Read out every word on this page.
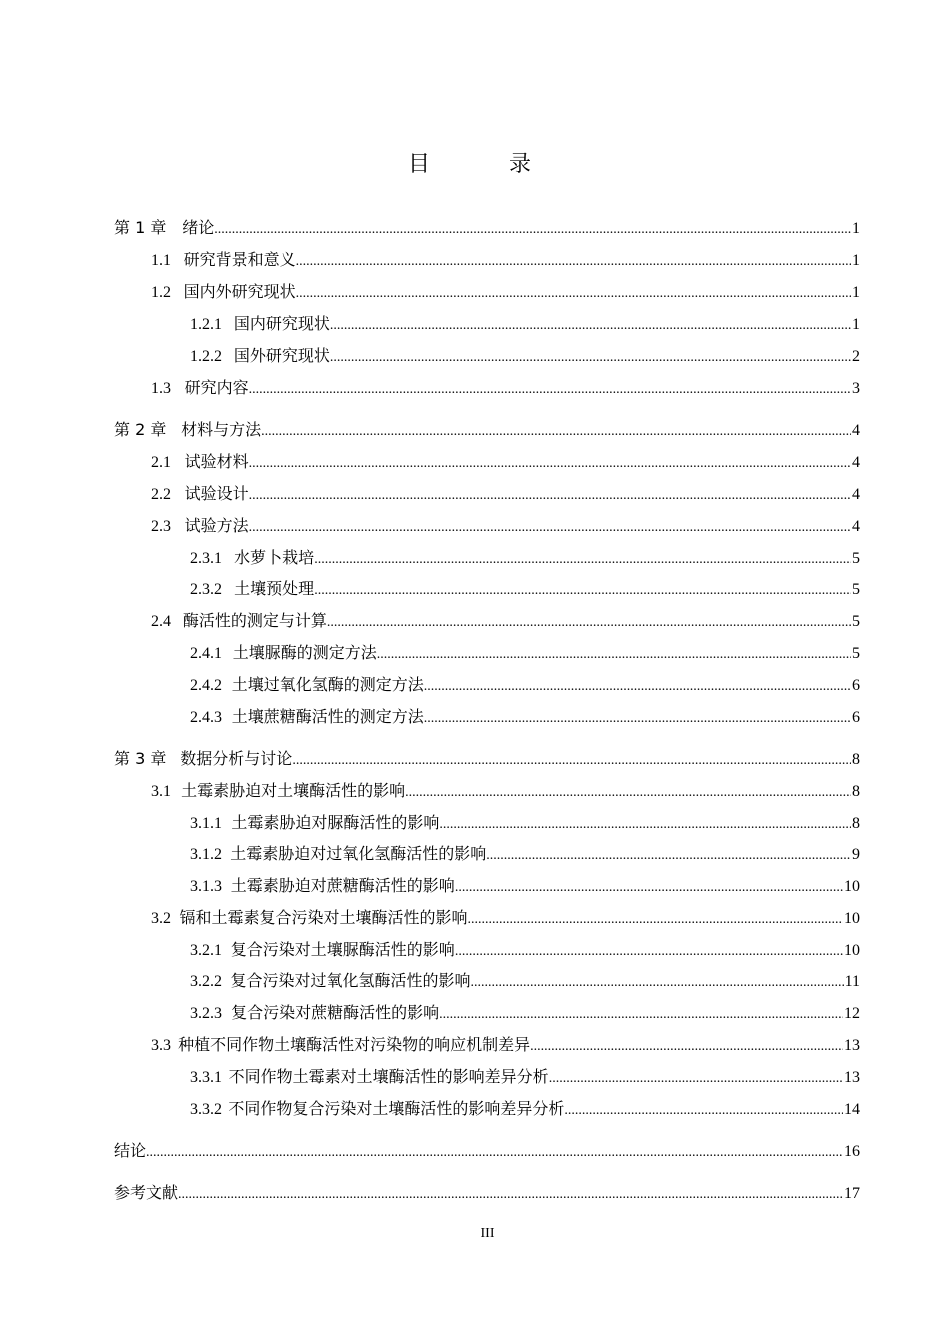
目 录
第 1 章 绪论 .....	1
1.1 研究背景和意义 .....	1
1.2 国内外研究现状 .....	1
1.2.1 国内研究现状 .....	1
1.2.2 国外研究现状 .....	2
1.3 研究内容 .....	3
第 2 章 材料与方法 .....	4
2.1 试验材料 .....	4
2.2 试验设计 .....	4
2.3 试验方法 .....	4
2.3.1 水萝卜栽培 .....	5
2.3.2 土壤预处理 .....	5
2.4 酶活性的测定与计算 .....	5
2.4.1 土壤脲酶的测定方法 .....	5
2.4.2 土壤过氧化氢酶的测定方法 .....	6
2.4.3 土壤蔗糖酶活性的测定方法 .....	6
第 3 章 数据分析与讨论 .....	8
3.1 土霉素胁迫对土壤酶活性的影响 .....	8
3.1.1 土霉素胁迫对脲酶活性的影响 .....	8
3.1.2 土霉素胁迫对过氧化氢酶活性的影响 .....	9
3.1.3 土霉素胁迫对蔗糖酶活性的影响 .....	10
3.2 镉和土霉素复合污染对土壤酶活性的影响 .....	10
3.2.1 复合污染对土壤脲酶活性的影响 .....	10
3.2.2 复合污染对过氧化氢酶活性的影响 .....	11
3.2.3 复合污染对蔗糖酶活性的影响 .....	12
3.3 种植不同作物土壤酶活性对污染物的响应机制差异 .....	13
3.3.1 不同作物土霉素对土壤酶活性的影响差异分析 .....	13
3.3.2 不同作物复合污染对土壤酶活性的影响差异分析 .....	14
结论 .....	16
参考文献 .....	17
III
